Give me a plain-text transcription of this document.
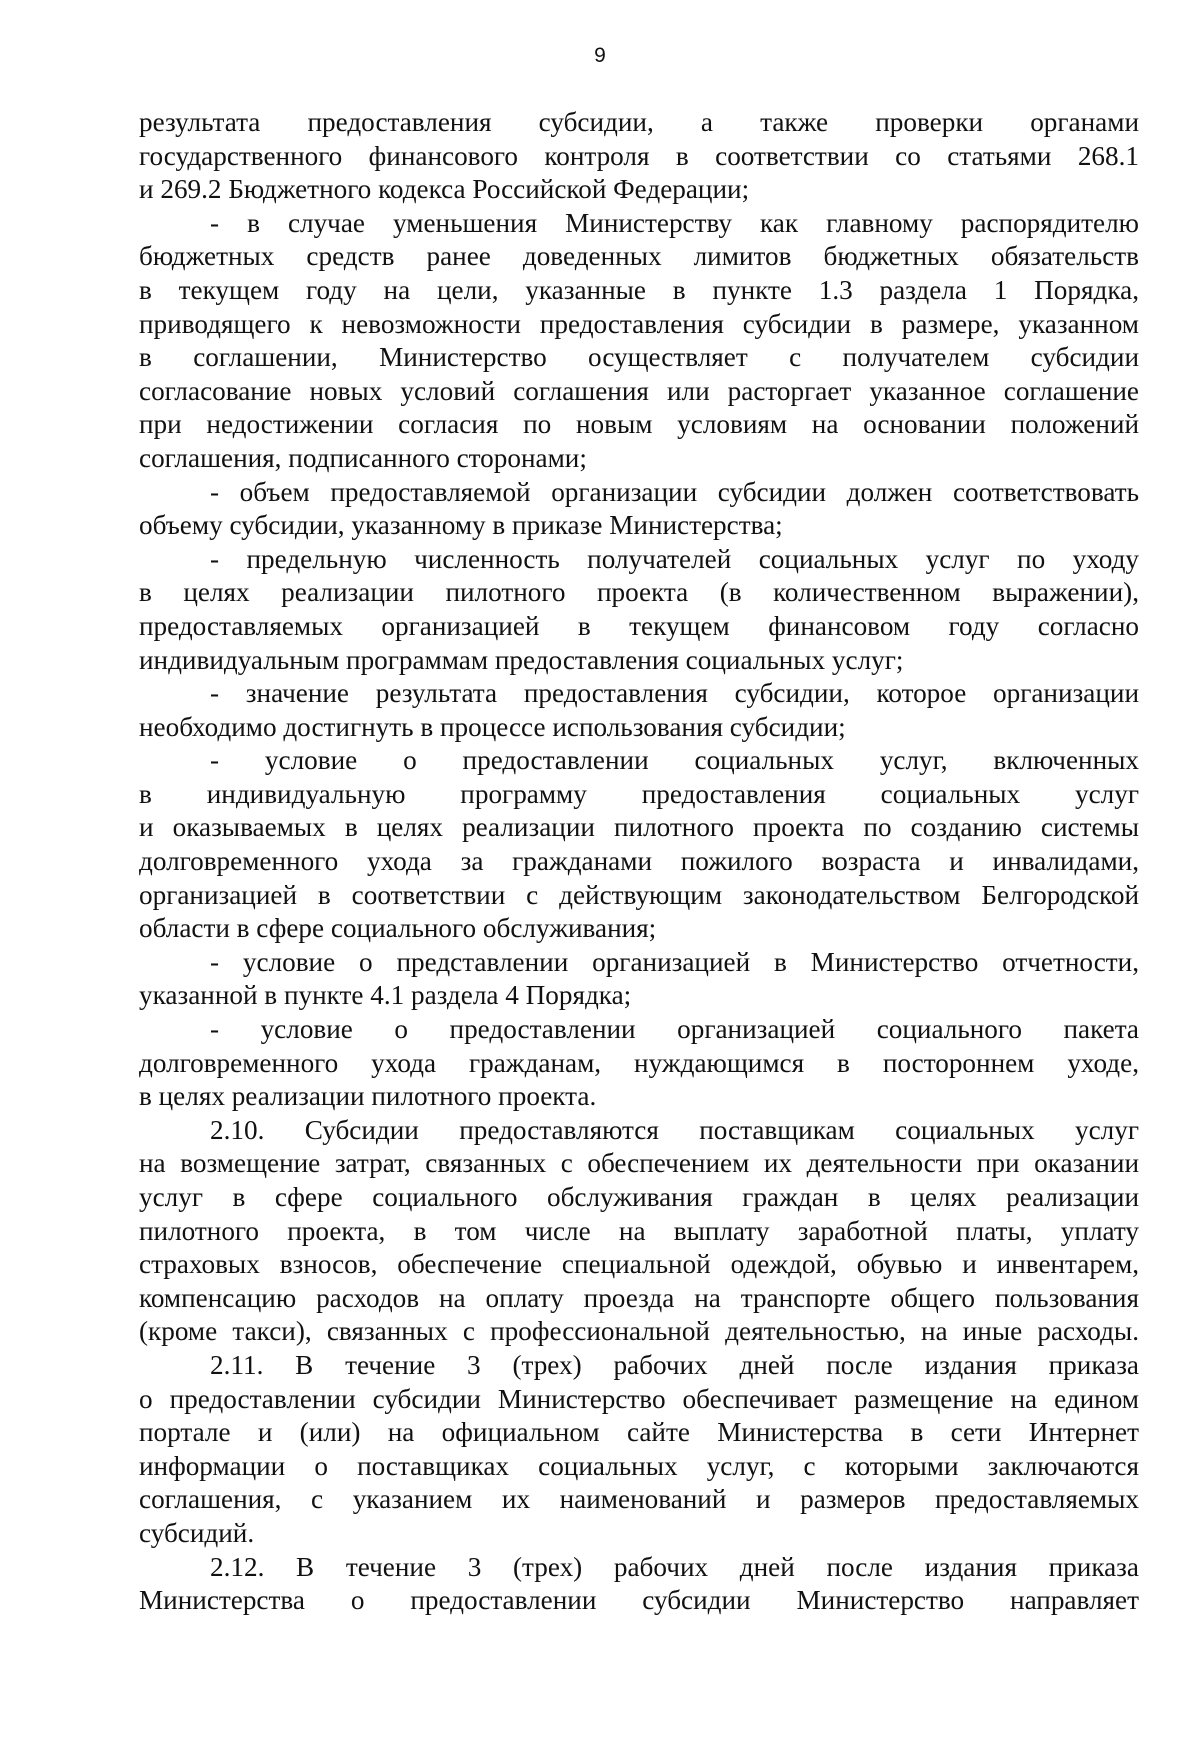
9
результата предоставления субсидии, а также проверки органами
государственного финансового контроля в соответствии со статьями 268.1
и 269.2 Бюджетного кодекса Российской Федерации;
- в случае уменьшения Министерству как главному распорядителю
бюджетных средств ранее доведенных лимитов бюджетных обязательств
в текущем году на цели, указанные в пункте 1.3 раздела 1 Порядка,
приводящего к невозможности предоставления субсидии в размере, указанном
в соглашении, Министерство осуществляет с получателем субсидии
согласование новых условий соглашения или расторгает указанное соглашение
при недостижении согласия по новым условиям на основании положений
соглашения, подписанного сторонами;
- объем предоставляемой организации субсидии должен соответствовать
объему субсидии, указанному в приказе Министерства;
- предельную численность получателей социальных услуг по уходу
в целях реализации пилотного проекта (в количественном выражении),
предоставляемых организацией в текущем финансовом году согласно
индивидуальным программам предоставления социальных услуг;
- значение результата предоставления субсидии, которое организации
необходимо достигнуть в процессе использования субсидии;
- условие о предоставлении социальных услуг, включенных
в индивидуальную программу предоставления социальных услуг
и оказываемых в целях реализации пилотного проекта по созданию системы
долговременного ухода за гражданами пожилого возраста и инвалидами,
организацией в соответствии с действующим законодательством Белгородской
области в сфере социального обслуживания;
- условие о представлении организацией в Министерство отчетности,
указанной в пункте 4.1 раздела 4 Порядка;
- условие о предоставлении организацией социального пакета
долговременного ухода гражданам, нуждающимся в постороннем уходе,
в целях реализации пилотного проекта.
2.10. Субсидии предоставляются поставщикам социальных услуг
на возмещение затрат, связанных с обеспечением их деятельности при оказании
услуг в сфере социального обслуживания граждан в целях реализации
пилотного проекта, в том числе на выплату заработной платы, уплату
страховых взносов, обеспечение специальной одеждой, обувью и инвентарем,
компенсацию расходов на оплату проезда на транспорте общего пользования
(кроме такси), связанных с профессиональной деятельностью, на иные расходы.
2.11. В течение 3 (трех) рабочих дней после издания приказа
о предоставлении субсидии Министерство обеспечивает размещение на едином
портале и (или) на официальном сайте Министерства в сети Интернет
информации о поставщиках социальных услуг, с которыми заключаются
соглашения, с указанием их наименований и размеров предоставляемых
субсидий.
2.12. В течение 3 (трех) рабочих дней после издания приказа
Министерства о предоставлении субсидии Министерство направляет
